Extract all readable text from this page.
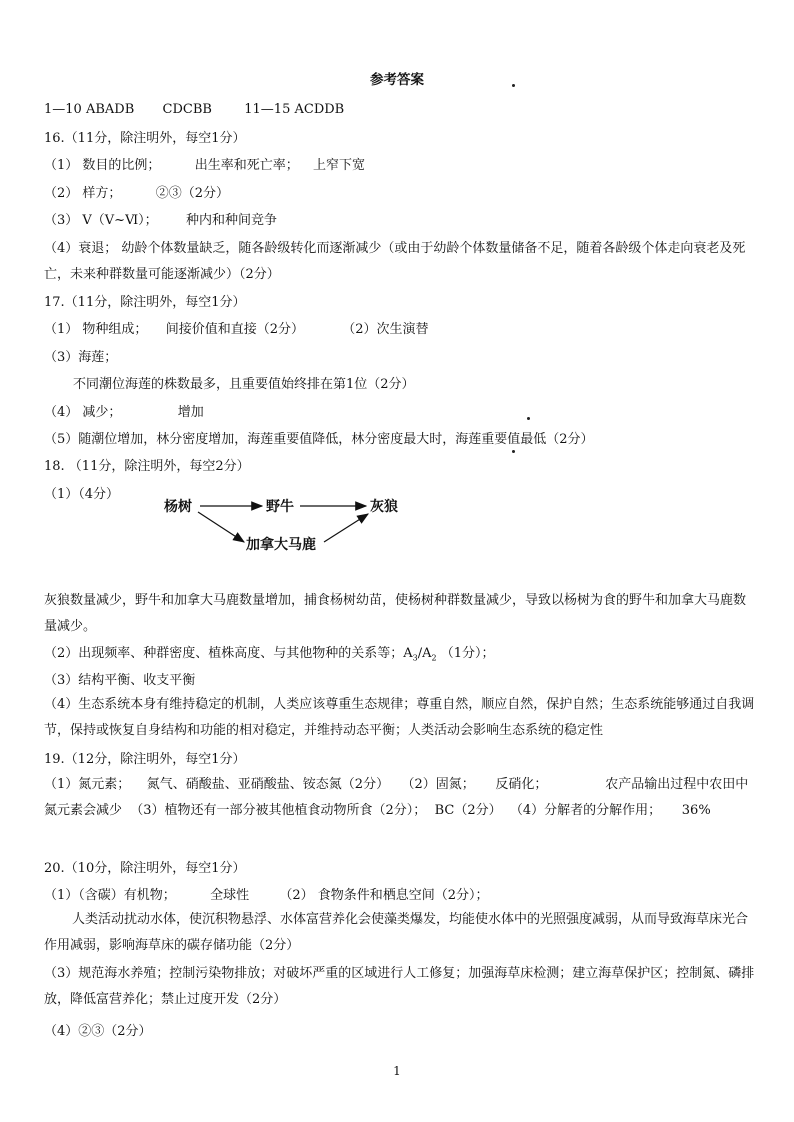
参考答案
1—10 ABADB CDCBB 11—15 ACDDB
16.（11分，除注明外，每空1分）
（1） 数目的比例；	出生率和死亡率； 上窄下宽
（2） 样方；	②③（2分）
（3） Ⅴ（Ⅴ~Ⅵ）； 种内和种间竞争
（4）衰退； 幼龄个体数量缺乏，随各龄级转化而逐渐减少（或由于幼龄个体数量储备不足，随着各龄级个体走向衰老及死亡，未来种群数量可能逐渐减少）（2分）
17.（11分，除注明外，每空1分）
（1） 物种组成； 间接价值和直接（2分）	（2）次生演替
（3）海莲；
不同潮位海莲的株数最多，且重要值始终排在第1位（2分）
（4） 减少；	增加
（5）随潮位增加，林分密度增加，海莲重要值降低，林分密度最大时，海莲重要值最低（2分）
18. （11分，除注明外，每空2分）
（1）（4分）
杨树	野牛	灰狼
加拿大马鹿
灰狼数量减少，野牛和加拿大马鹿数量增加，捕食杨树幼苗，使杨树种群数量减少，导致以杨树为食的野牛和加拿大马鹿数量减少。
（2）出现频率、种群密度、植株高度、与其他物种的关系等；$A_3/A_2$ （1分）；
（3）结构平衡、收支平衡
（4）生态系统本身有维持稳定的机制，人类应该尊重生态规律；尊重自然，顺应自然，保护自然；生态系统能够通过自我调节，保持或恢复自身结构和功能的相对稳定，并维持动态平衡；人类活动会影响生态系统的稳定性
19.（12分，除注明外，每空1分）
（1）氮元素；    氮气、硝酸盐、亚硝酸盐、铵态氮（2分）   （2）固氮；     反硝化；              农产品输出过程中农田中氮元素会减少  （3）植物还有一部分被其他植食动物所食（2分）；  BC（2分）  （4）分解者的分解作用；     36%
20.（10分，除注明外，每空1分）
（1）（含碳）有机物；	全球性 （2） 食物条件和栖息空间（2分）；
人类活动扰动水体，使沉积物悬浮、水体富营养化会使藻类爆发，均能使水体中的光照强度减弱，从而导致海草床光合作用减弱，影响海草床的碳存储功能（2分）
（3）规范海水养殖；控制污染物排放；对破坏严重的区域进行人工修复；加强海草床检测；建立海草保护区；控制氮、磷排放，降低富营养化；禁止过度开发（2分）
（4）②③（2分）
1
